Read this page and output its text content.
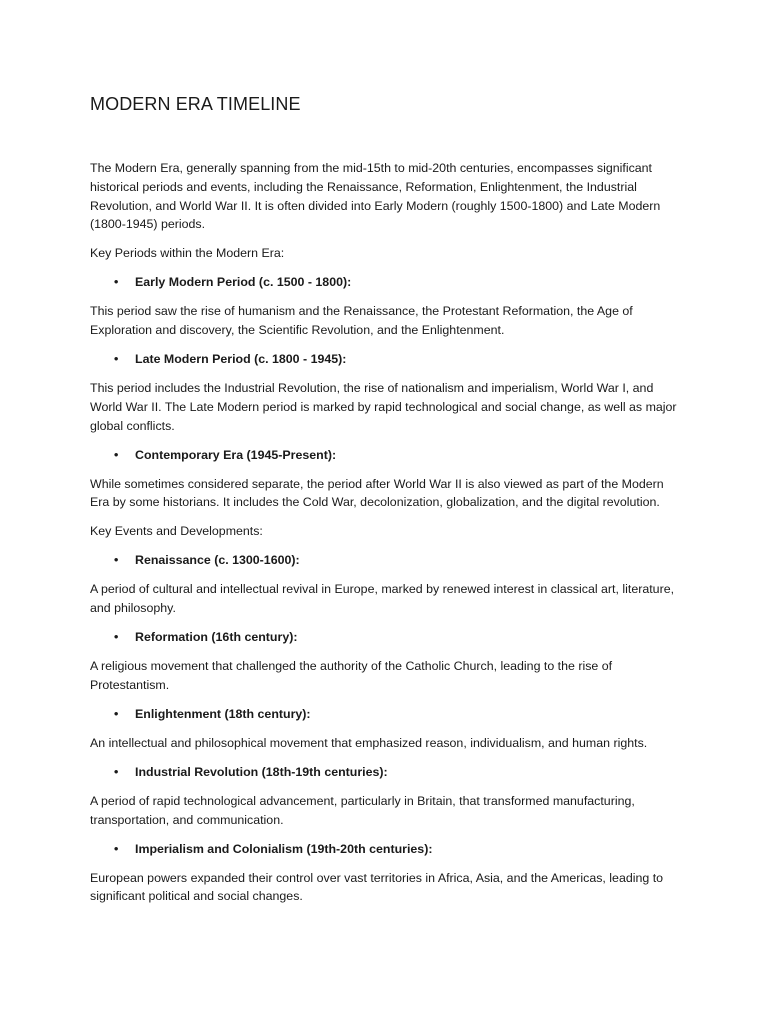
MODERN ERA TIMELINE

The Modern Era, generally spanning from the mid-15th to mid-20th centuries, encompasses significant historical periods and events, including the Renaissance, Reformation, Enlightenment, the Industrial Revolution, and World War II. It is often divided into Early Modern (roughly 1500-1800) and Late Modern (1800-1945) periods.

Key Periods within the Modern Era:

• Early Modern Period (c. 1500 - 1800):

This period saw the rise of humanism and the Renaissance, the Protestant Reformation, the Age of Exploration and discovery, the Scientific Revolution, and the Enlightenment.

• Late Modern Period (c. 1800 - 1945):

This period includes the Industrial Revolution, the rise of nationalism and imperialism, World War I, and World War II. The Late Modern period is marked by rapid technological and social change, as well as major global conflicts.

• Contemporary Era (1945-Present):

While sometimes considered separate, the period after World War II is also viewed as part of the Modern Era by some historians. It includes the Cold War, decolonization, globalization, and the digital revolution.

Key Events and Developments:

• Renaissance (c. 1300-1600):

A period of cultural and intellectual revival in Europe, marked by renewed interest in classical art, literature, and philosophy.

• Reformation (16th century):

A religious movement that challenged the authority of the Catholic Church, leading to the rise of Protestantism.

• Enlightenment (18th century):

An intellectual and philosophical movement that emphasized reason, individualism, and human rights.

• Industrial Revolution (18th-19th centuries):

A period of rapid technological advancement, particularly in Britain, that transformed manufacturing, transportation, and communication.

• Imperialism and Colonialism (19th-20th centuries):

European powers expanded their control over vast territories in Africa, Asia, and the Americas, leading to significant political and social changes.
